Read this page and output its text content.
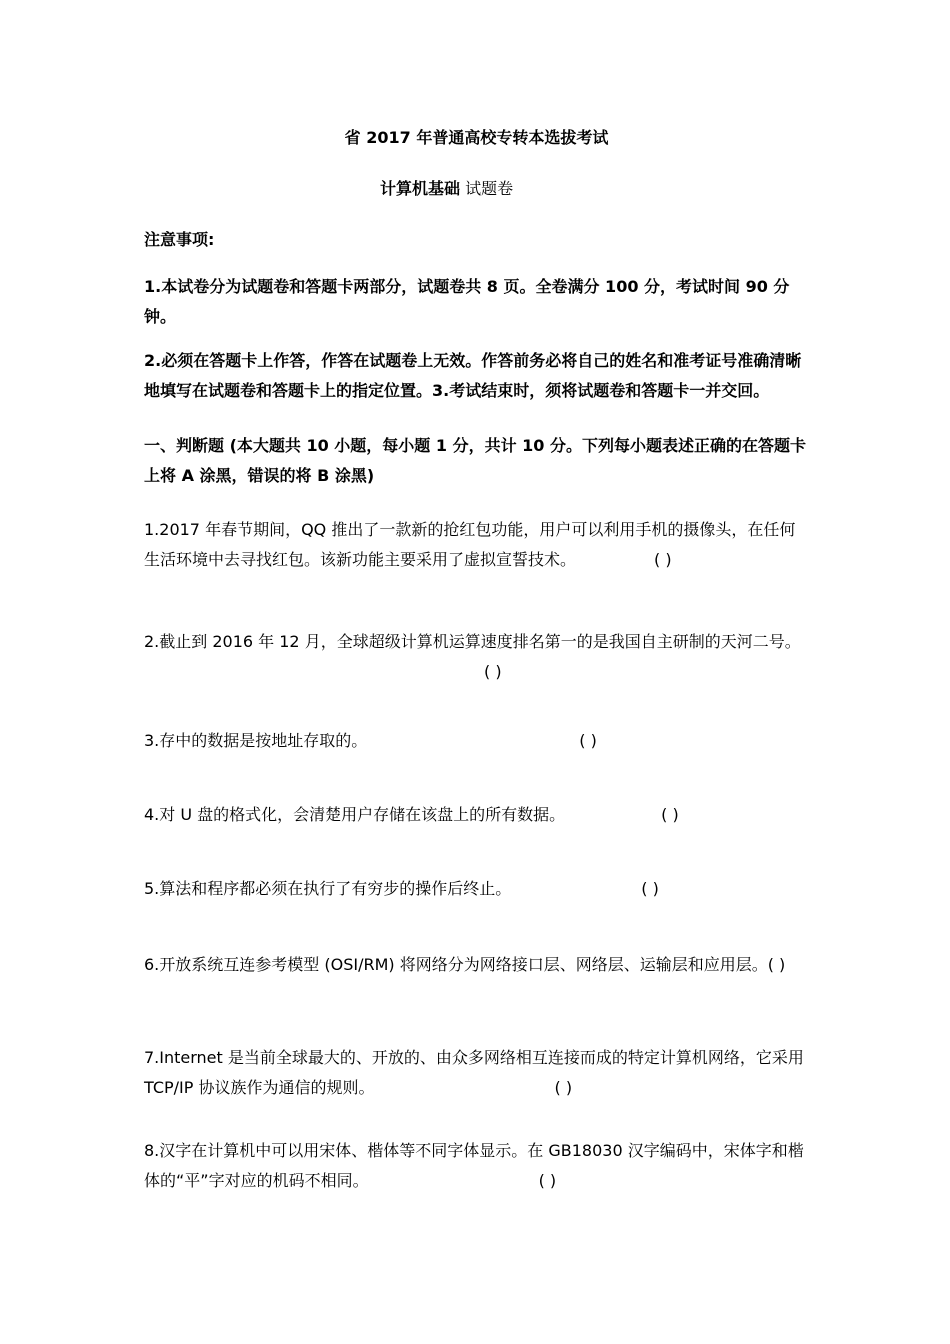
省 2017 年普通高校专转本选拔考试
计算机基础 试题卷
注意事项:
1.本试卷分为试题卷和答题卡两部分，试题卷共 8 页。全卷满分 100 分，考试时间 90 分钟。
2.必须在答题卡上作答，作答在试题卷上无效。作答前务必将自己的姓名和准考证号准确清晰地填写在试题卷和答题卡上的指定位置。3.考试结束时，须将试题卷和答题卡一并交回。
一、判断题 (本大题共 10 小题，每小题 1 分，共计 10 分。下列每小题表述正确的在答题卡上将 A 涂黑，错误的将 B 涂黑)
1.2017 年春节期间，QQ 推出了一款新的抢红包功能，用户可以利用手机的摄像头，在任何生活环境中去寻找红包。该新功能主要采用了虚拟宣誓技术。	( )
2.截止到 2016 年 12 月，全球超级计算机运算速度排名第一的是我国自主研制的天河二号。( )
3.存中的数据是按地址存取的。	( )
4.对 U 盘的格式化，会清楚用户存储在该盘上的所有数据。	( )
5.算法和程序都必须在执行了有穷步的操作后终止。	( )
6.开放系统互连参考模型 (OSI/RM) 将网络分为网络接口层、网络层、运输层和应用层。( )
7.Internet 是当前全球最大的、开放的、由众多网络相互连接而成的特定计算机网络，它采用 TCP/IP 协议族作为通信的规则。	( )
8.汉字在计算机中可以用宋体、楷体等不同字体显示。在 GB18030 汉字编码中，宋体字和楷体的“平”字对应的机码不相同。	( )
